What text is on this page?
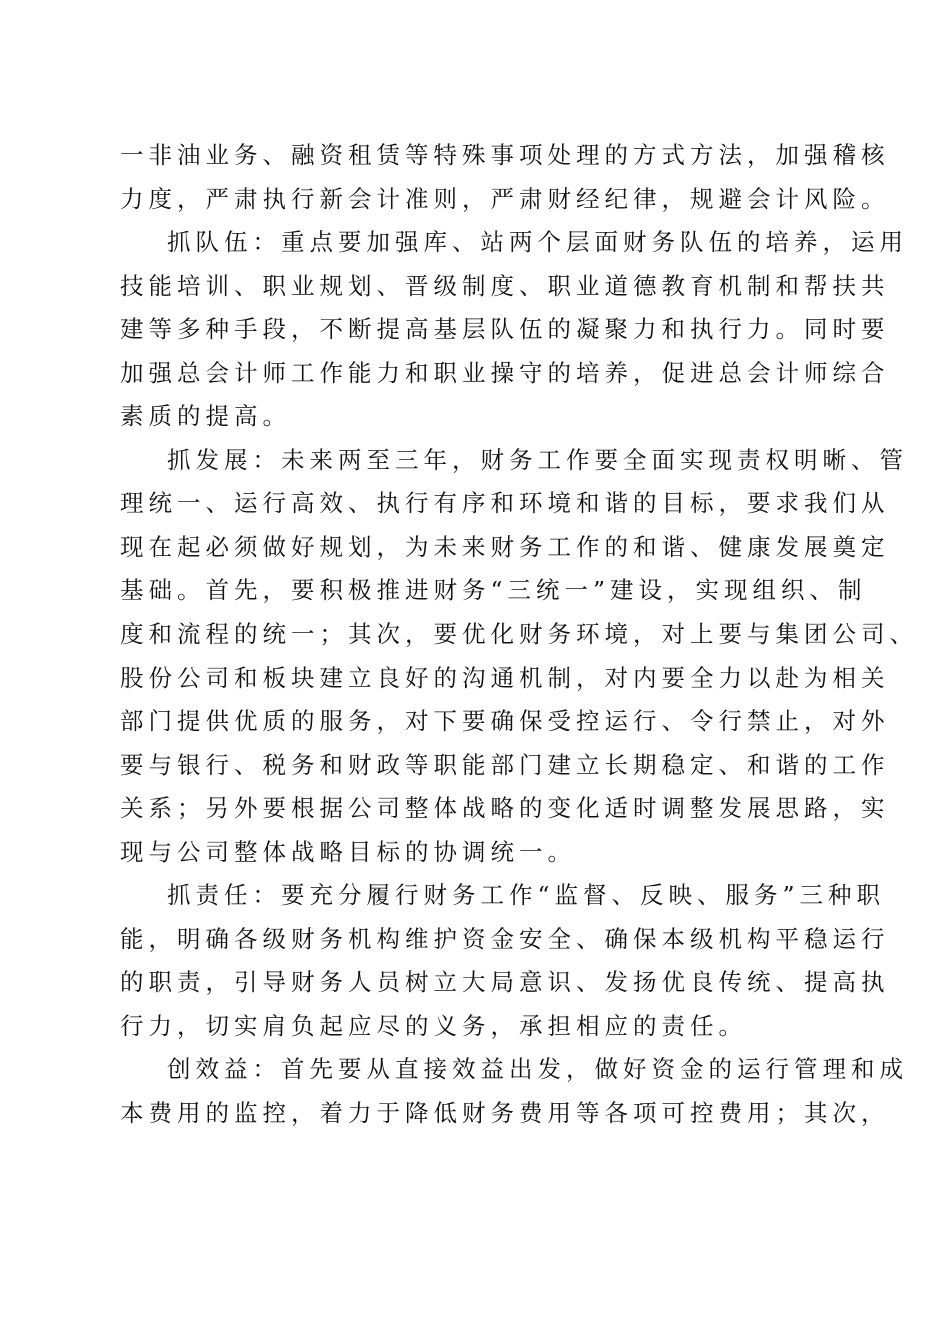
一非油业务、融资租赁等特殊事项处理的方式方法，加强稽核
力度，严肃执行新会计准则，严肃财经纪律，规避会计风险。

抓队伍：重点要加强库、站两个层面财务队伍的培养，运用
技能培训、职业规划、晋级制度、职业道德教育机制和帮扶共
建等多种手段，不断提高基层队伍的凝聚力和执行力。同时要
加强总会计师工作能力和职业操守的培养，促进总会计师综合
素质的提高。

抓发展：未来两至三年，财务工作要全面实现责权明晰、管
理统一、运行高效、执行有序和环境和谐的目标，要求我们从
现在起必须做好规划，为未来财务工作的和谐、健康发展奠定
基础。首先，要积极推进财务“三统一”建设，实现组织、制
度和流程的统一；其次，要优化财务环境，对上要与集团公司、
股份公司和板块建立良好的沟通机制，对内要全力以赴为相关
部门提供优质的服务，对下要确保受控运行、令行禁止，对外
要与银行、税务和财政等职能部门建立长期稳定、和谐的工作
关系；另外要根据公司整体战略的变化适时调整发展思路，实
现与公司整体战略目标的协调统一。

抓责任：要充分履行财务工作“监督、反映、服务”三种职
能，明确各级财务机构维护资金安全、确保本级机构平稳运行
的职责，引导财务人员树立大局意识、发扬优良传统、提高执
行力，切实肩负起应尽的义务，承担相应的责任。

创效益：首先要从直接效益出发，做好资金的运行管理和成
本费用的监控，着力于降低财务费用等各项可控费用；其次，
